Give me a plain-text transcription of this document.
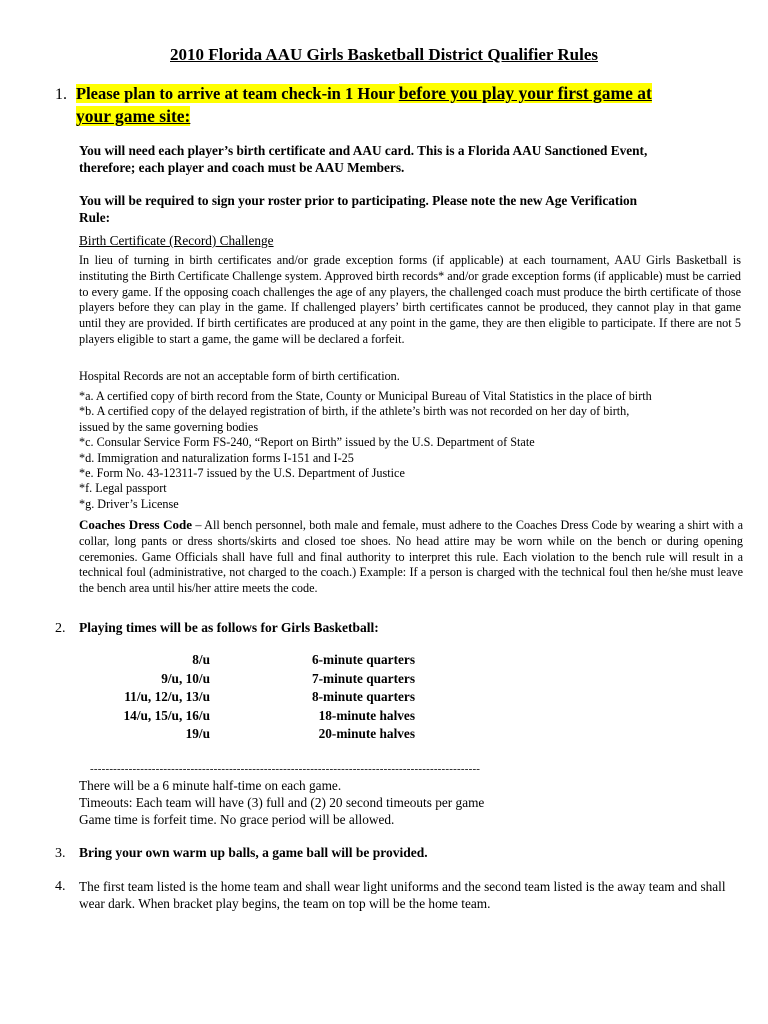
2010 Florida AAU Girls Basketball District Qualifier Rules
1. Please plan to arrive at team check-in 1 Hour before you play your first game at
your game site:
You will need each player’s birth certificate and AAU card. This is a Florida AAU Sanctioned Event,
therefore; each player and coach must be AAU Members.
You will be required to sign your roster prior to participating. Please note the new Age Verification
Rule:
Birth Certificate (Record) Challenge
In lieu of turning in birth certificates and/or grade exception forms (if applicable) at each tournament, AAU Girls Basketball is instituting the Birth Certificate Challenge system. Approved birth records* and/or grade exception forms (if applicable) must be carried to every game. If the opposing coach challenges the age of any players, the challenged coach must produce the birth certificate of those players before they can play in the game. If challenged players’ birth certificates cannot be produced, they cannot play in that game until they are provided. If birth certificates are produced at any point in the game, they are then eligible to participate. If there are not 5 players eligible to start a game, the game will be declared a forfeit.
Hospital Records are not an acceptable form of birth certification.
*a. A certified copy of birth record from the State, County or Municipal Bureau of Vital Statistics in the place of birth
*b. A certified copy of the delayed registration of birth, if the athlete’s birth was not recorded on her day of birth,
issued by the same governing bodies
*c. Consular Service Form FS-240, “Report on Birth” issued by the U.S. Department of State
*d. Immigration and naturalization forms I-151 and I-25
*e. Form No. 43-12311-7 issued by the U.S. Department of Justice
*f. Legal passport
*g. Driver’s License
Coaches Dress Code – All bench personnel, both male and female, must adhere to the Coaches Dress Code by wearing a shirt with a collar, long pants or dress shorts/skirts and closed toe shoes. No head attire may be worn while on the bench or during opening ceremonies. Game Officials shall have full and final authority to interpret this rule. Each violation to the bench rule will result in a technical foul (administrative, not charged to the coach.) Example: If a person is charged with the technical foul then he/she must leave the bench area until his/her attire meets the code.
2. Playing times will be as follows for Girls Basketball:
8/u
9/u, 10/u
11/u, 12/u, 13/u
14/u, 15/u, 16/u
19/u
6-minute quarters
7-minute quarters
8-minute quarters
18-minute halves
20-minute halves
-----------------------------------------------------------------------------------------------------
There will be a 6 minute half-time on each game.
Timeouts: Each team will have (3) full and (2) 20 second timeouts per game
Game time is forfeit time. No grace period will be allowed.
3. Bring your own warm up balls, a game ball will be provided.
4. The first team listed is the home team and shall wear light uniforms and the second team listed is the away team and shall wear dark. When bracket play begins, the team on top will be the home team.
